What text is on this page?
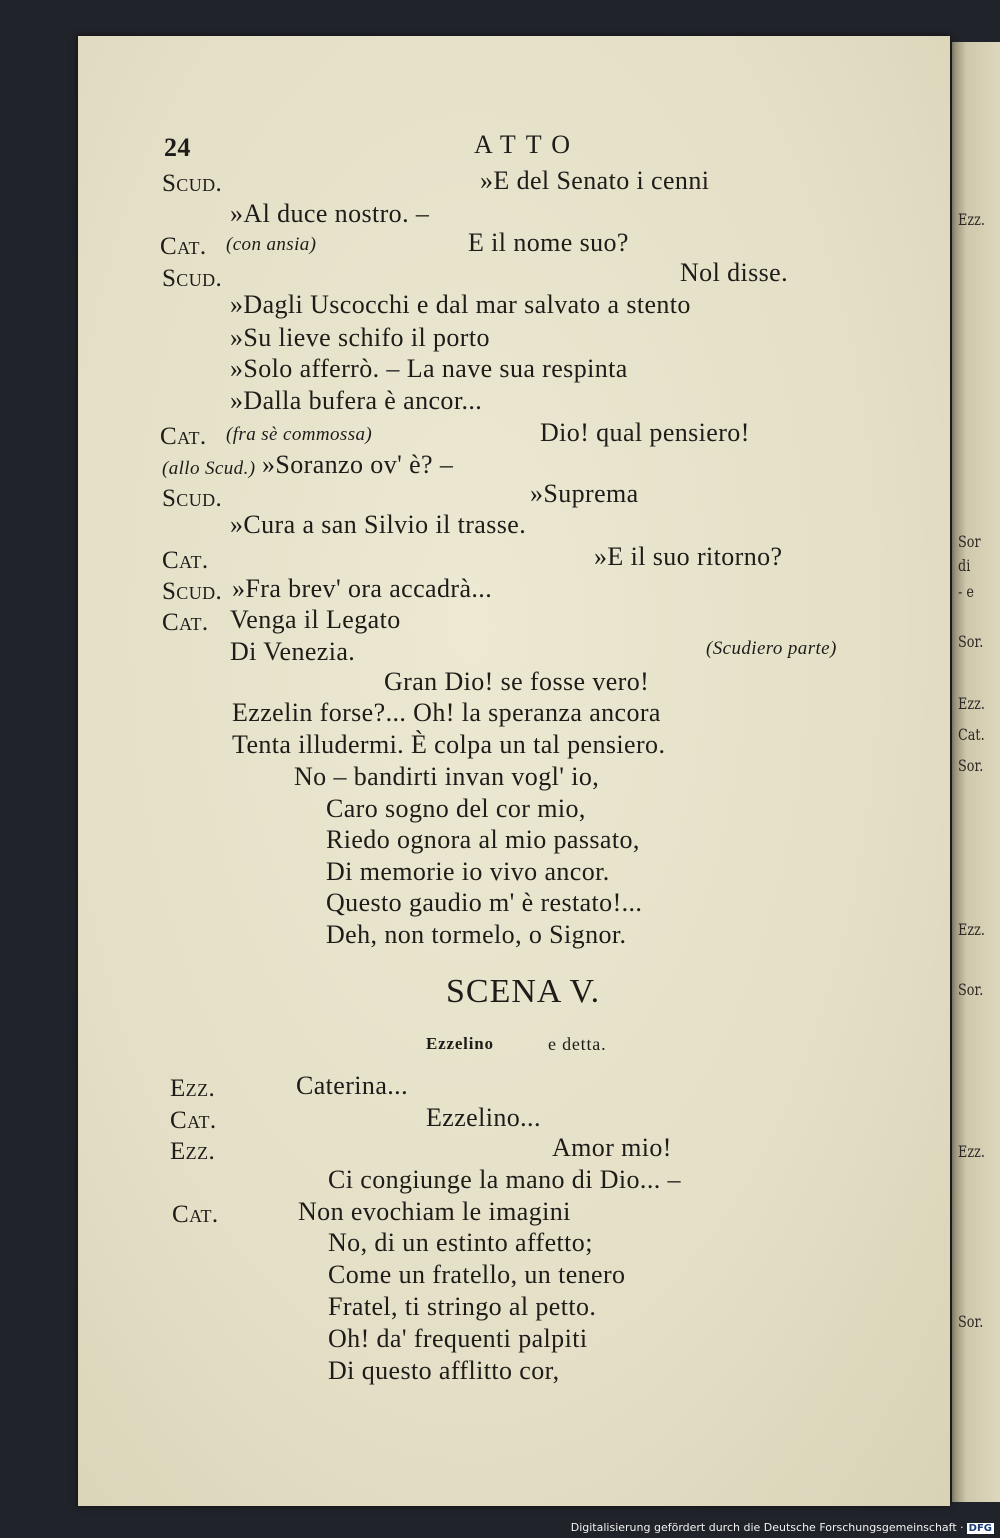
Ezz.
Sor
di
- e
Sor.
Ezz.
Cat.
Sor.
Ezz.
Sor.
Ezz.
Sor.
24	ATTO
Scud.	»E del Senato i cenni
»Al duce nostro. –
Cat. (con ansia)	E il nome suo?
Scud.	Nol disse.
»Dagli Uscocchi e dal mar salvato a stento
»Su lieve schifo il porto
»Solo afferrò. – La nave sua respinta
»Dalla bufera è ancor...
Cat. (fra sè commossa)	Dio! qual pensiero!
(allo Scud.) »Soranzo ov' è? –
Scud.	»Suprema
»Cura a san Silvio il trasse.
Cat.	»E il suo ritorno?
Scud. »Fra brev' ora accadrà...
Cat. Venga il Legato
Di Venezia.	(Scudiero parte)
Gran Dio! se fosse vero!
Ezzelin forse?... Oh! la speranza ancora
Tenta illudermi. È colpa un tal pensiero.
No – bandirti invan vogl' io,
Caro sogno del cor mio,
Riedo ognora al mio passato,
Di memorie io vivo ancor.
Questo gaudio m' è restato!...
Deh, non tormelo, o Signor.
SCENA V.
Ezzelino	e detta.
Ezz.	Caterina...
Cat.	Ezzelino...
Ezz.	Amor mio!
Ci congiunge la mano di Dio... –
Cat.	Non evochiam le imagini
No, di un estinto affetto;
Come un fratello, un tenero
Fratel, ti stringo al petto.
Oh! da' frequenti palpiti
Di questo afflitto cor,
Digitalisierung gefördert durch die Deutsche Forschungsgemeinschaft · DFG
